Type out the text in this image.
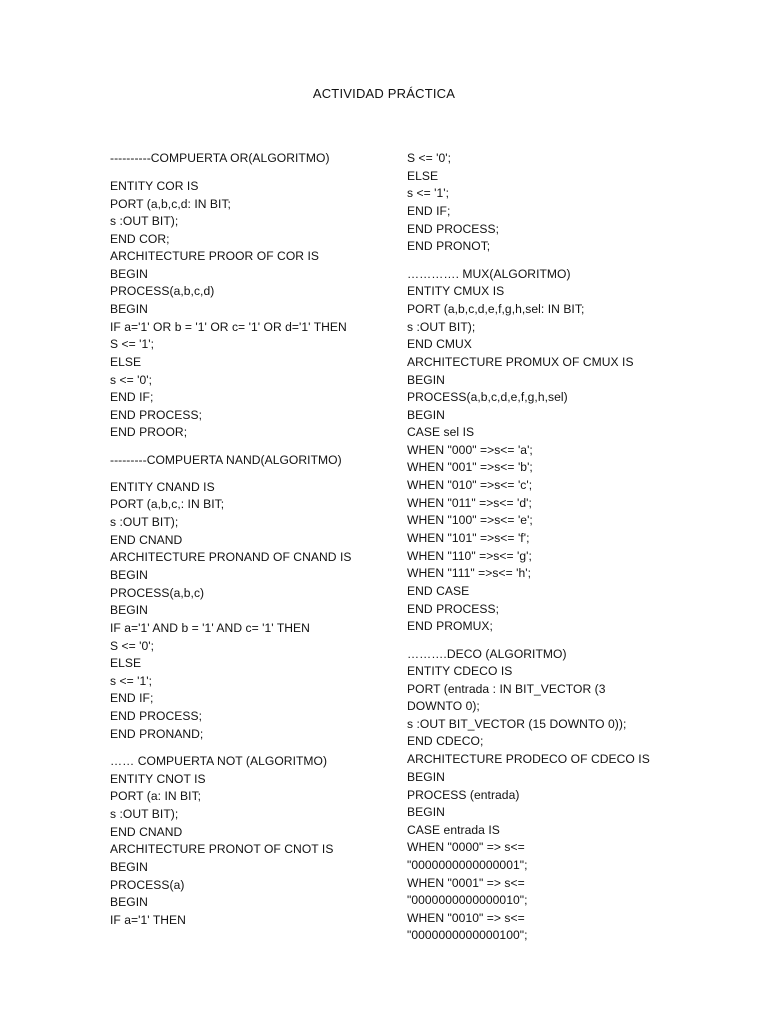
ACTIVIDAD PRÁCTICA
----------COMPUERTA OR(ALGORITMO)
ENTITY COR IS
PORT (a,b,c,d: IN BIT;
s :OUT BIT);
END COR;
ARCHITECTURE PROOR OF COR IS
BEGIN
PROCESS(a,b,c,d)
BEGIN
IF a='1' OR b = '1' OR c= '1' OR d='1' THEN
S <= '1';
ELSE
s <= '0';
END IF;
END PROCESS;
END PROOR;
---------COMPUERTA NAND(ALGORITMO)
ENTITY CNAND IS
PORT (a,b,c,: IN BIT;
s :OUT BIT);
END CNAND
ARCHITECTURE PRONAND OF CNAND IS
BEGIN
PROCESS(a,b,c)
BEGIN
IF a='1' AND b = '1' AND c= '1' THEN
S <= '0';
ELSE
s <= '1';
END IF;
END PROCESS;
END PRONAND;
…… COMPUERTA NOT (ALGORITMO)
ENTITY CNOT IS
PORT (a: IN BIT;
s :OUT BIT);
END CNAND
ARCHITECTURE PRONOT OF CNOT IS
BEGIN
PROCESS(a)
BEGIN
IF a='1' THEN
S <= '0';
ELSE
s <= '1';
END IF;
END PROCESS;
END PRONOT;
…………. MUX(ALGORITMO)
ENTITY CMUX IS
PORT (a,b,c,d,e,f,g,h,sel: IN BIT;
s :OUT BIT);
END CMUX
ARCHITECTURE PROMUX OF CMUX IS
BEGIN
PROCESS(a,b,c,d,e,f,g,h,sel)
BEGIN
CASE sel IS
WHEN "000" =>s<= 'a';
WHEN "001" =>s<= 'b';
WHEN "010" =>s<= 'c';
WHEN "011" =>s<= 'd';
WHEN "100" =>s<= 'e';
WHEN "101" =>s<= 'f';
WHEN "110" =>s<= 'g';
WHEN "111" =>s<= 'h';
END CASE
END PROCESS;
END PROMUX;
……….DECO (ALGORITMO)
ENTITY CDECO IS
PORT (entrada : IN BIT_VECTOR (3
DOWNTO 0);
s :OUT BIT_VECTOR (15 DOWNTO 0));
END CDECO;
ARCHITECTURE PRODECO OF CDECO IS
BEGIN
PROCESS (entrada)
BEGIN
CASE entrada IS
WHEN "0000" => s<=
"0000000000000001";
WHEN "0001" => s<=
"0000000000000010";
WHEN "0010" => s<=
"0000000000000100";
